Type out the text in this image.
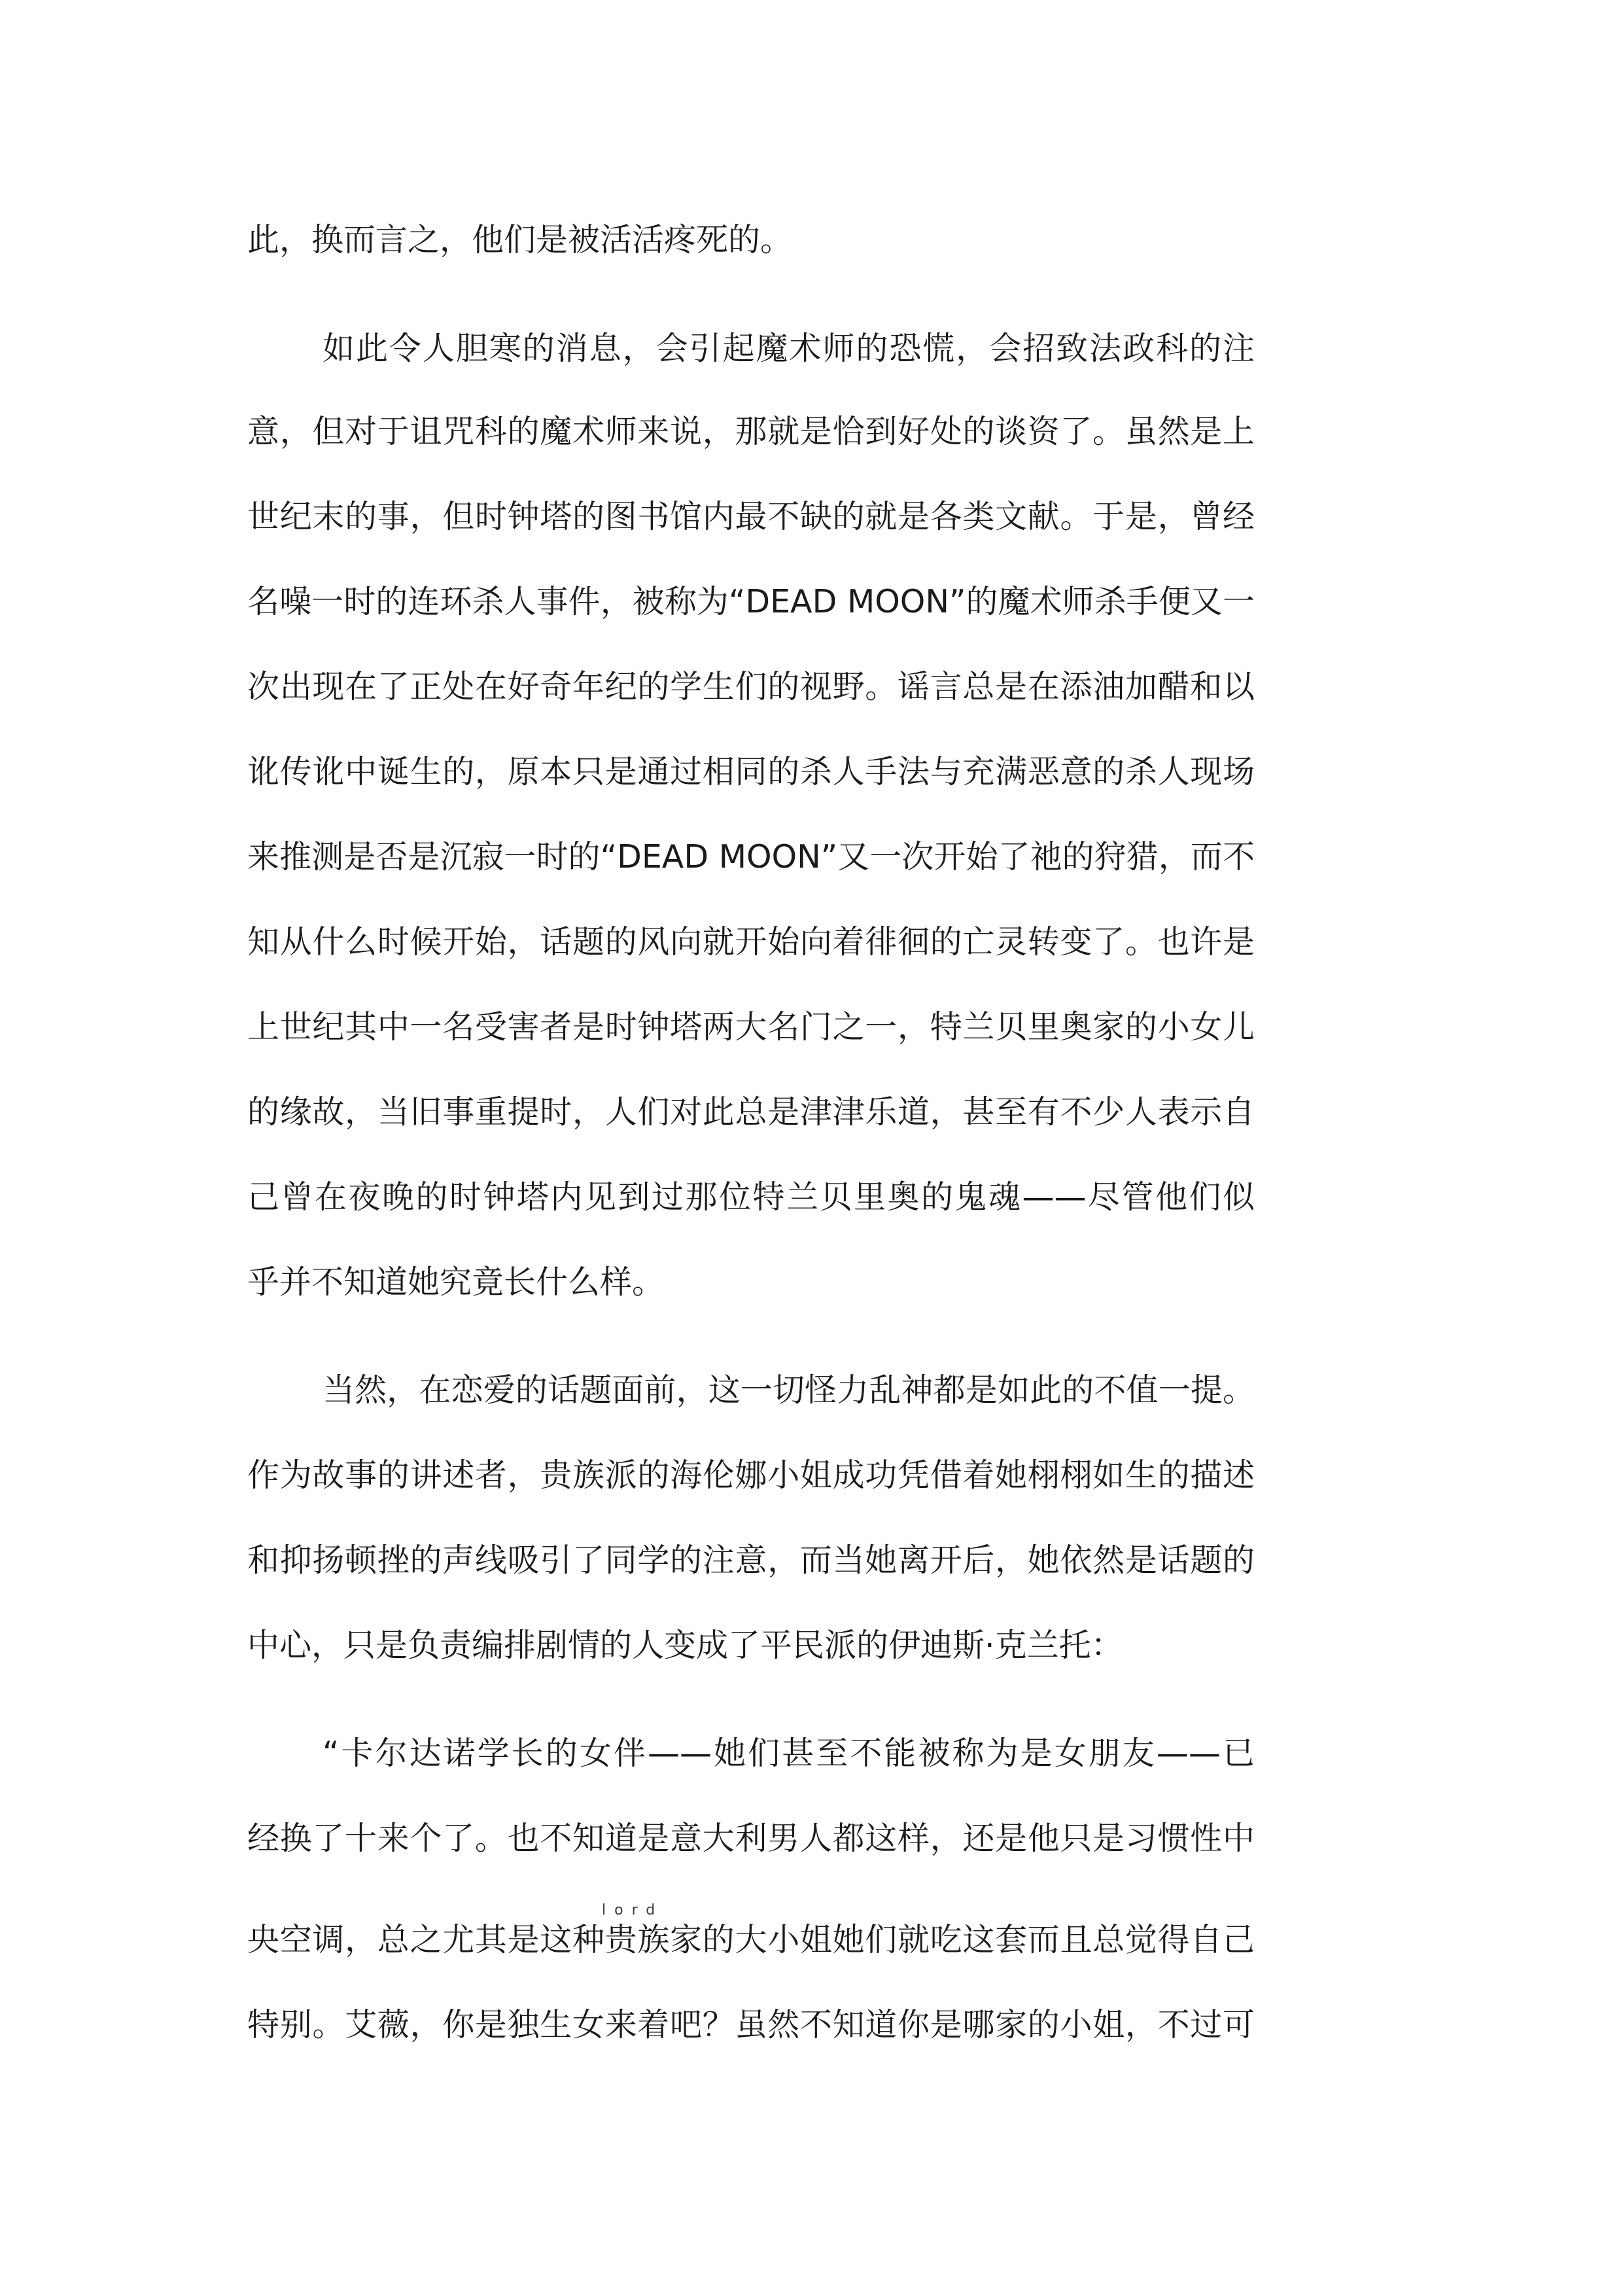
此，换而言之，他们是被活活疼死的。

如此令人胆寒的消息，会引起魔术师的恐慌，会招致法政科的注

意，但对于诅咒科的魔术师来说，那就是恰到好处的谈资了。虽然是上

世纪末的事，但时钟塔的图书馆内最不缺的就是各类文献。于是，曾经

名噪一时的连环杀人事件，被称为“DEAD MOON”的魔术师杀手便又一

次出现在了正处在好奇年纪的学生们的视野。谣言总是在添油加醋和以

讹传讹中诞生的，原本只是通过相同的杀人手法与充满恶意的杀人现场

来推测是否是沉寂一时的“DEAD MOON”又一次开始了祂的狩猎，而不

知从什么时候开始，话题的风向就开始向着徘徊的亡灵转变了。也许是

上世纪其中一名受害者是时钟塔两大名门之一，特兰贝里奥家的小女儿

的缘故，当旧事重提时，人们对此总是津津乐道，甚至有不少人表示自

己曾在夜晚的时钟塔内见到过那位特兰贝里奥的鬼魂——尽管他们似

乎并不知道她究竟长什么样。

当然，在恋爱的话题面前，这一切怪力乱神都是如此的不值一提。

作为故事的讲述者，贵族派的海伦娜小姐成功凭借着她栩栩如生的描述

和抑扬顿挫的声线吸引了同学的注意，而当她离开后，她依然是话题的

中心，只是负责编排剧情的人变成了平民派的伊迪斯·克兰托：

“卡尔达诺学长的女伴——她们甚至不能被称为是女朋友——已

经换了十来个了。也不知道是意大利男人都这样，还是他只是习惯性中

lord

央空调，总之尤其是这种贵族家的大小姐她们就吃这套而且总觉得自己

特别。艾薇，你是独生女来着吧？虽然不知道你是哪家的小姐，不过可
